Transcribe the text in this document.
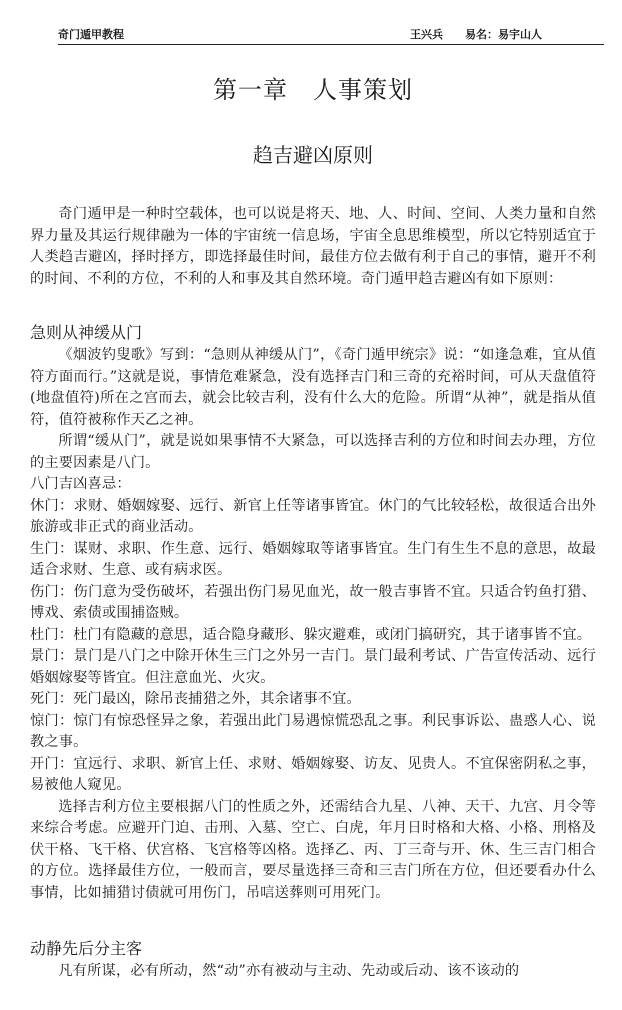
奇门遁甲教程	王兴兵　　易名：易宇山人
第一章　人事策划
趋吉避凶原则

奇门遁甲是一种时空载体，也可以说是将天、地、人、时间、空间、人类力量和自然界力量及其运行规律融为一体的宇宙统一信息场，宇宙全息思维模型，所以它特别适宜于人类趋吉避凶，择时择方，即选择最佳时间，最佳方位去做有利于自己的事情，避开不利的时间、不利的方位，不利的人和事及其自然环境。奇门遁甲趋吉避凶有如下原则：

急则从神缓从门

《烟波钓叟歌》写到：“急则从神缓从门”，《奇门遁甲统宗》说：“如逢急难，宜从值符方面而行。”这就是说，事情危难紧急，没有选择吉门和三奇的充裕时间，可从天盘值符(地盘值符)所在之宫而去，就会比较吉利，没有什么大的危险。所谓“从神”，就是指从值符，值符被称作天乙之神。

所谓“缓从门”，就是说如果事情不大紧急，可以选择吉利的方位和时间去办理，方位的主要因素是八门。

八门吉凶喜忌：

休门：求财、婚姻嫁娶、远行、新官上任等诸事皆宜。休门的气比较轻松，故很适合出外旅游或非正式的商业活动。

生门：谋财、求职、作生意、远行、婚姻嫁取等诸事皆宜。生门有生生不息的意思，故最适合求财、生意、或有病求医。

伤门：伤门意为受伤破坏，若强出伤门易见血光，故一般吉事皆不宜。只适合钓鱼打猎、博戏、索债或围捕盗贼。

杜门：杜门有隐藏的意思，适合隐身藏形、躲灾避难，或闭门搞研究，其于诸事皆不宜。

景门：景门是八门之中除开休生三门之外另一吉门。景门最利考试、广告宣传活动、远行婚姻嫁娶等皆宜。但注意血光、火灾。

死门：死门最凶，除吊丧捕猎之外，其余诸事不宜。

惊门：惊门有惊恐怪异之象，若强出此门易遇惊慌恐乱之事。利民事诉讼、蛊惑人心、说教之事。

开门：宜远行、求职、新官上任、求财、婚姻嫁娶、访友、见贵人。不宜保密阴私之事，易被他人窥见。

选择吉利方位主要根据八门的性质之外，还需结合九星、八神、天干、九宫、月令等来综合考虑。应避开门迫、击刑、入墓、空亡、白虎，年月日时格和大格、小格、刑格及伏干格、飞干格、伏宫格、飞宫格等凶格。选择乙、丙、丁三奇与开、休、生三吉门相合的方位。选择最佳方位，一般而言，要尽量选择三奇和三吉门所在方位，但还要看办什么事情，比如捕猎讨债就可用伤门，吊唁送葬则可用死门。

动静先后分主客

凡有所谋，必有所动，然“动”亦有被动与主动、先动或后动、该不该动的
